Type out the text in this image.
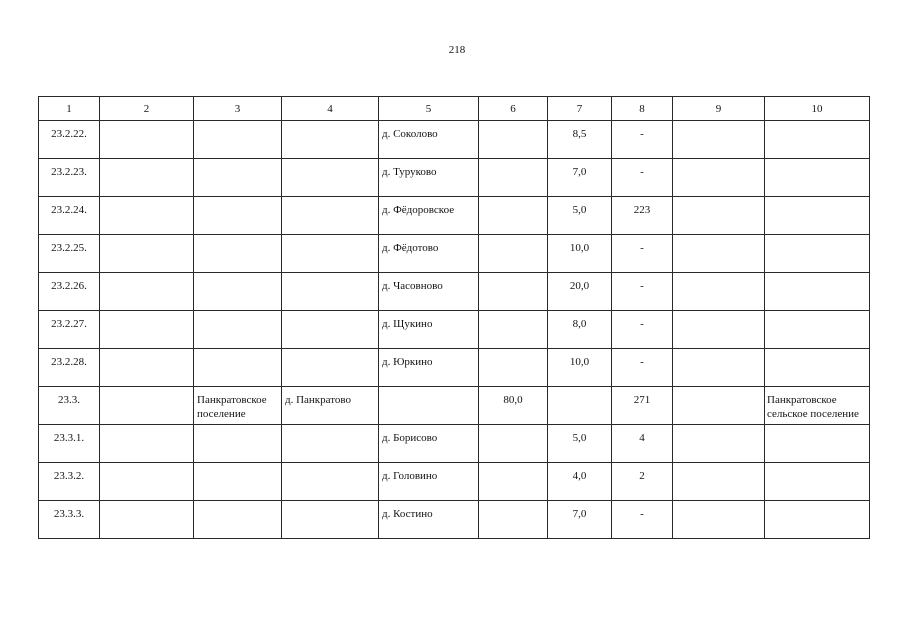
218
1	2	3	4	5	6	7	8	9	10
23.2.22.				д. Соколово		8,5	-		
23.2.23.				д. Туруково		7,0	-		
23.2.24.				д. Фёдоровское		5,0	223		
23.2.25.				д. Фёдотово		10,0	-		
23.2.26.				д. Часовново		20,0	-		
23.2.27.				д. Щукино		8,0	-		
23.2.28.				д. Юркино		10,0	-		
23.3.		Панкратовское поселение	д. Панкратово		80,0		271		Панкратовское сельское поселение
23.3.1.				д. Борисово		5,0	4		
23.3.2.				д. Головино		4,0	2		
23.3.3.				д. Костино		7,0	-		
